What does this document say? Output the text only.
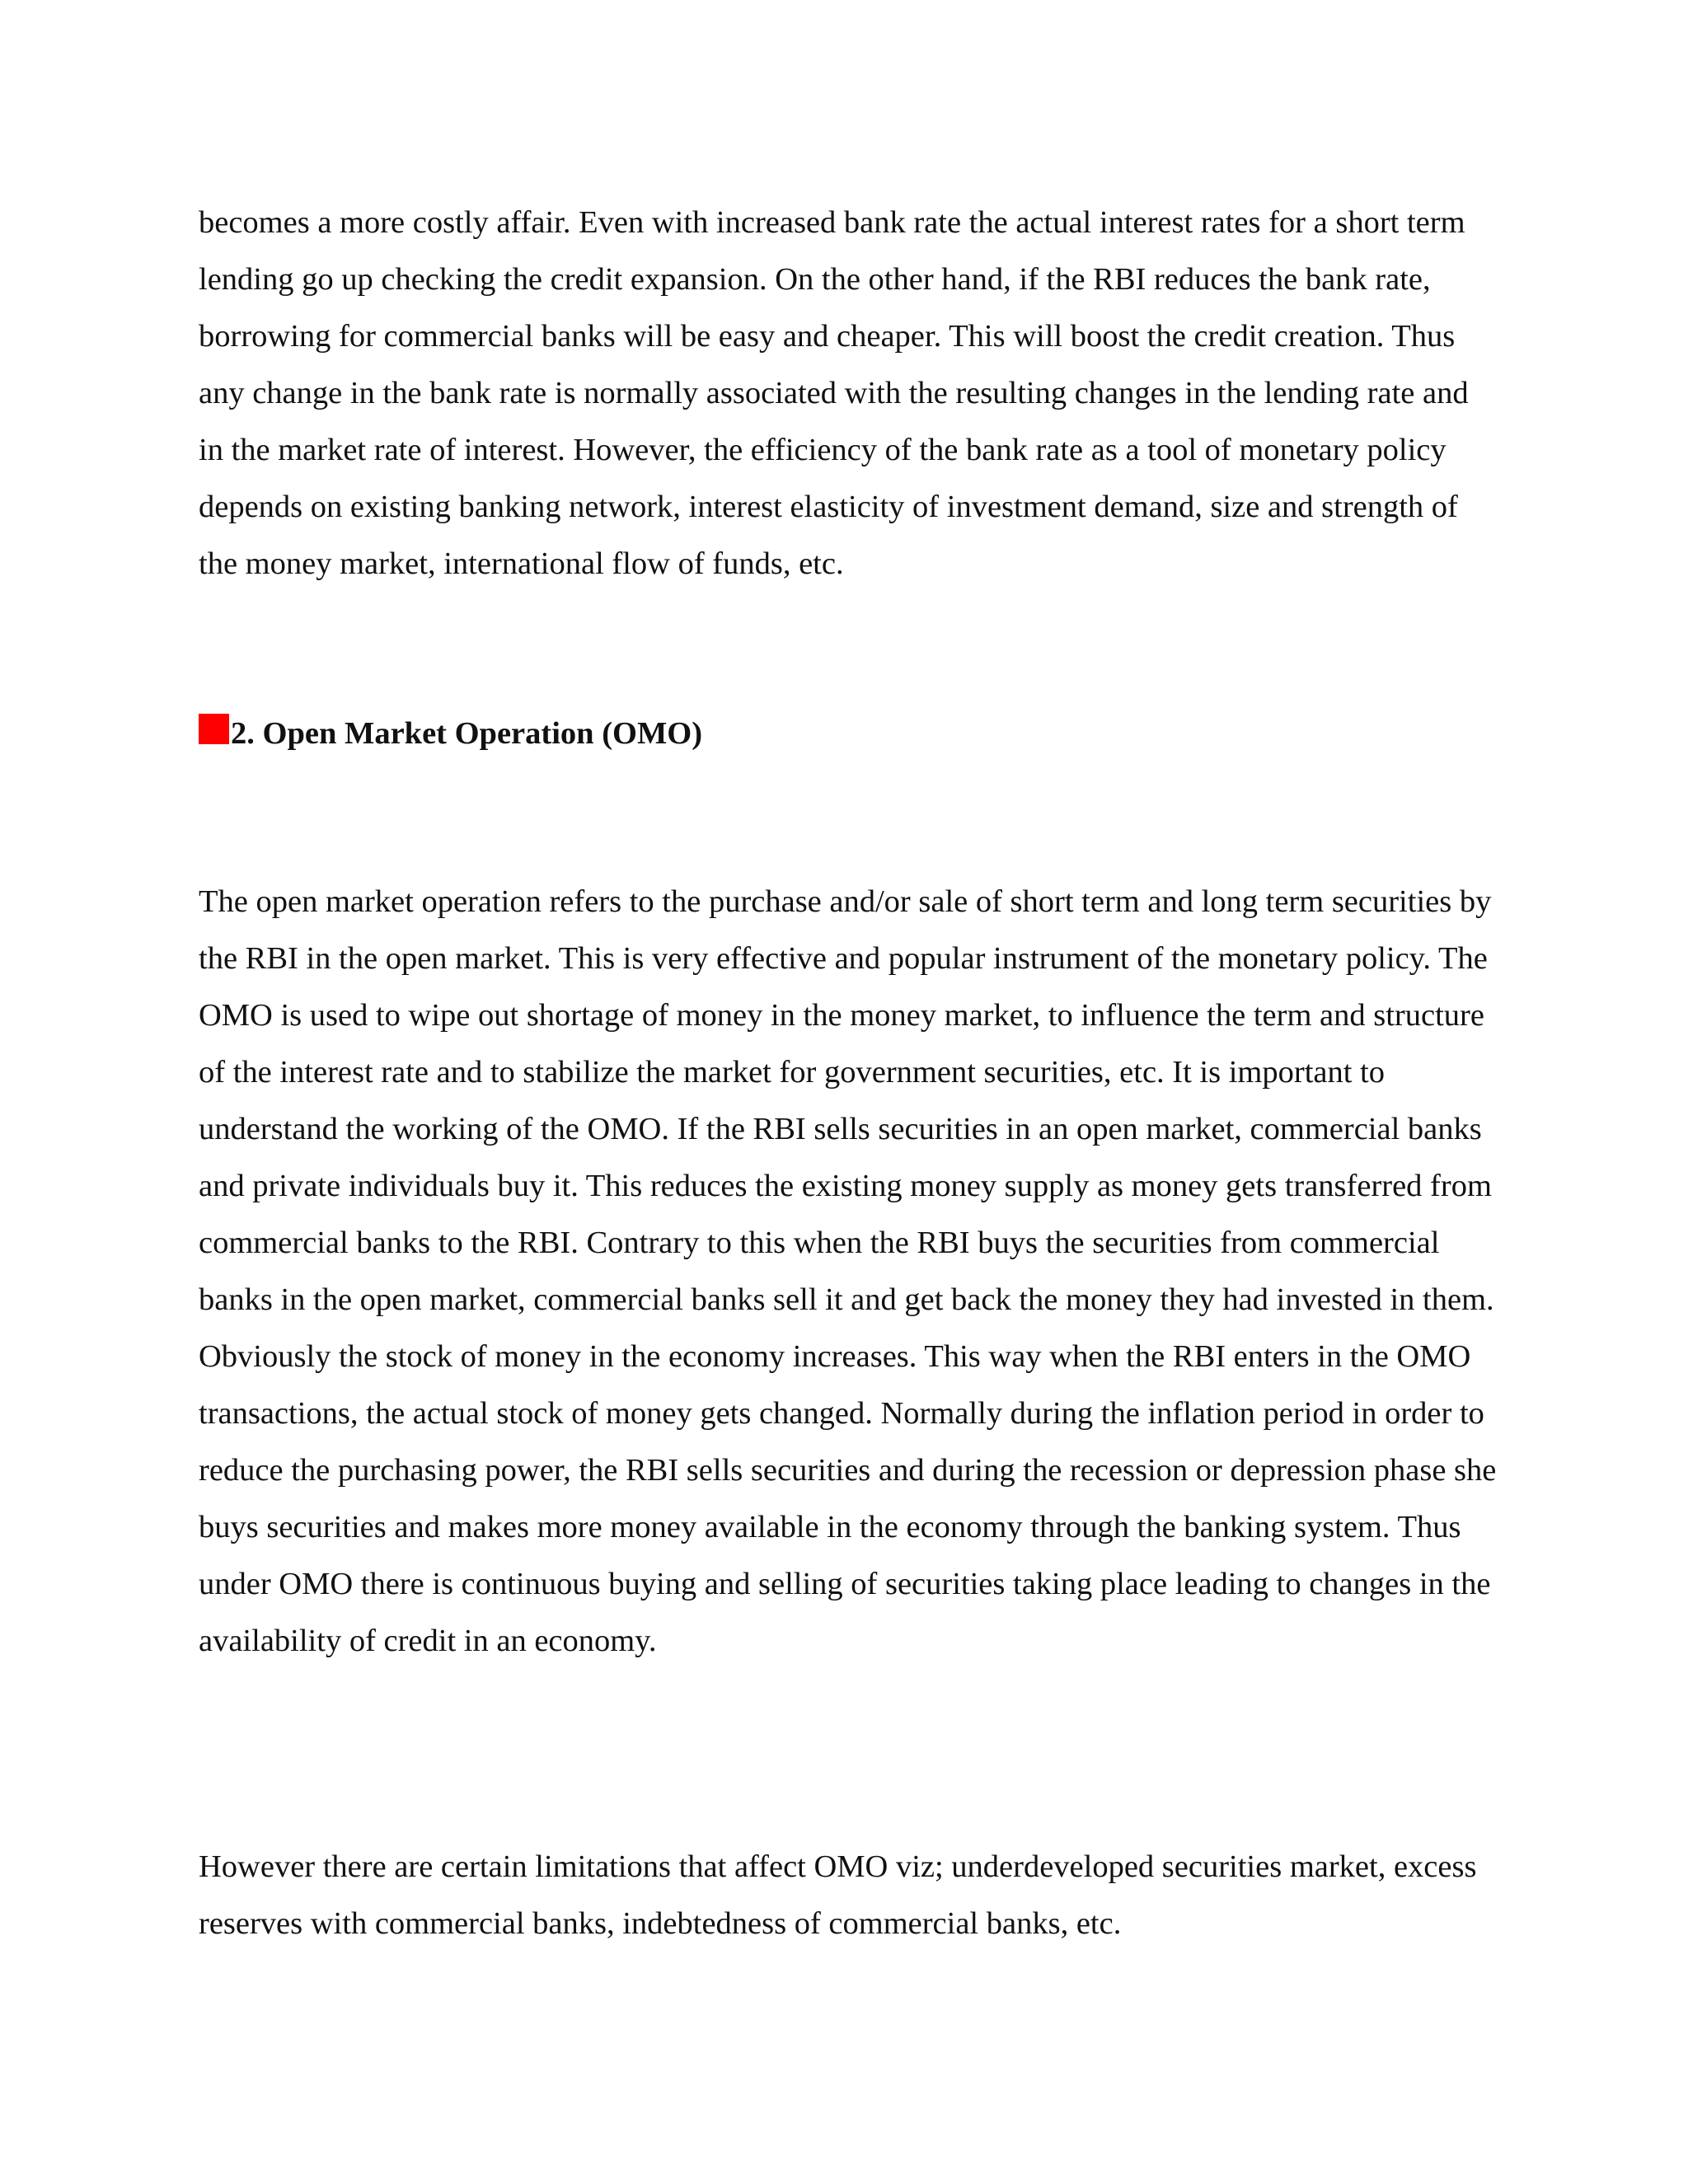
becomes a more costly affair. Even with increased bank rate the actual interest rates for a short term lending go up checking the credit expansion. On the other hand, if the RBI reduces the bank rate, borrowing for commercial banks will be easy and cheaper. This will boost the credit creation. Thus any change in the bank rate is normally associated with the resulting changes in the lending rate and in the market rate of interest. However, the efficiency of the bank rate as a tool of monetary policy depends on existing banking network, interest elasticity of investment demand, size and strength of the money market, international flow of funds, etc.

2. Open Market Operation (OMO)

The open market operation refers to the purchase and/or sale of short term and long term securities by the RBI in the open market. This is very effective and popular instrument of the monetary policy. The OMO is used to wipe out shortage of money in the money market, to influence the term and structure of the interest rate and to stabilize the market for government securities, etc. It is important to understand the working of the OMO. If the RBI sells securities in an open market, commercial banks and private individuals buy it. This reduces the existing money supply as money gets transferred from commercial banks to the RBI. Contrary to this when the RBI buys the securities from commercial banks in the open market, commercial banks sell it and get back the money they had invested in them. Obviously the stock of money in the economy increases. This way when the RBI enters in the OMO transactions, the actual stock of money gets changed. Normally during the inflation period in order to reduce the purchasing power, the RBI sells securities and during the recession or depression phase she buys securities and makes more money available in the economy through the banking system. Thus under OMO there is continuous buying and selling of securities taking place leading to changes in the availability of credit in an economy.

However there are certain limitations that affect OMO viz; underdeveloped securities market, excess reserves with commercial banks, indebtedness of commercial banks, etc.
